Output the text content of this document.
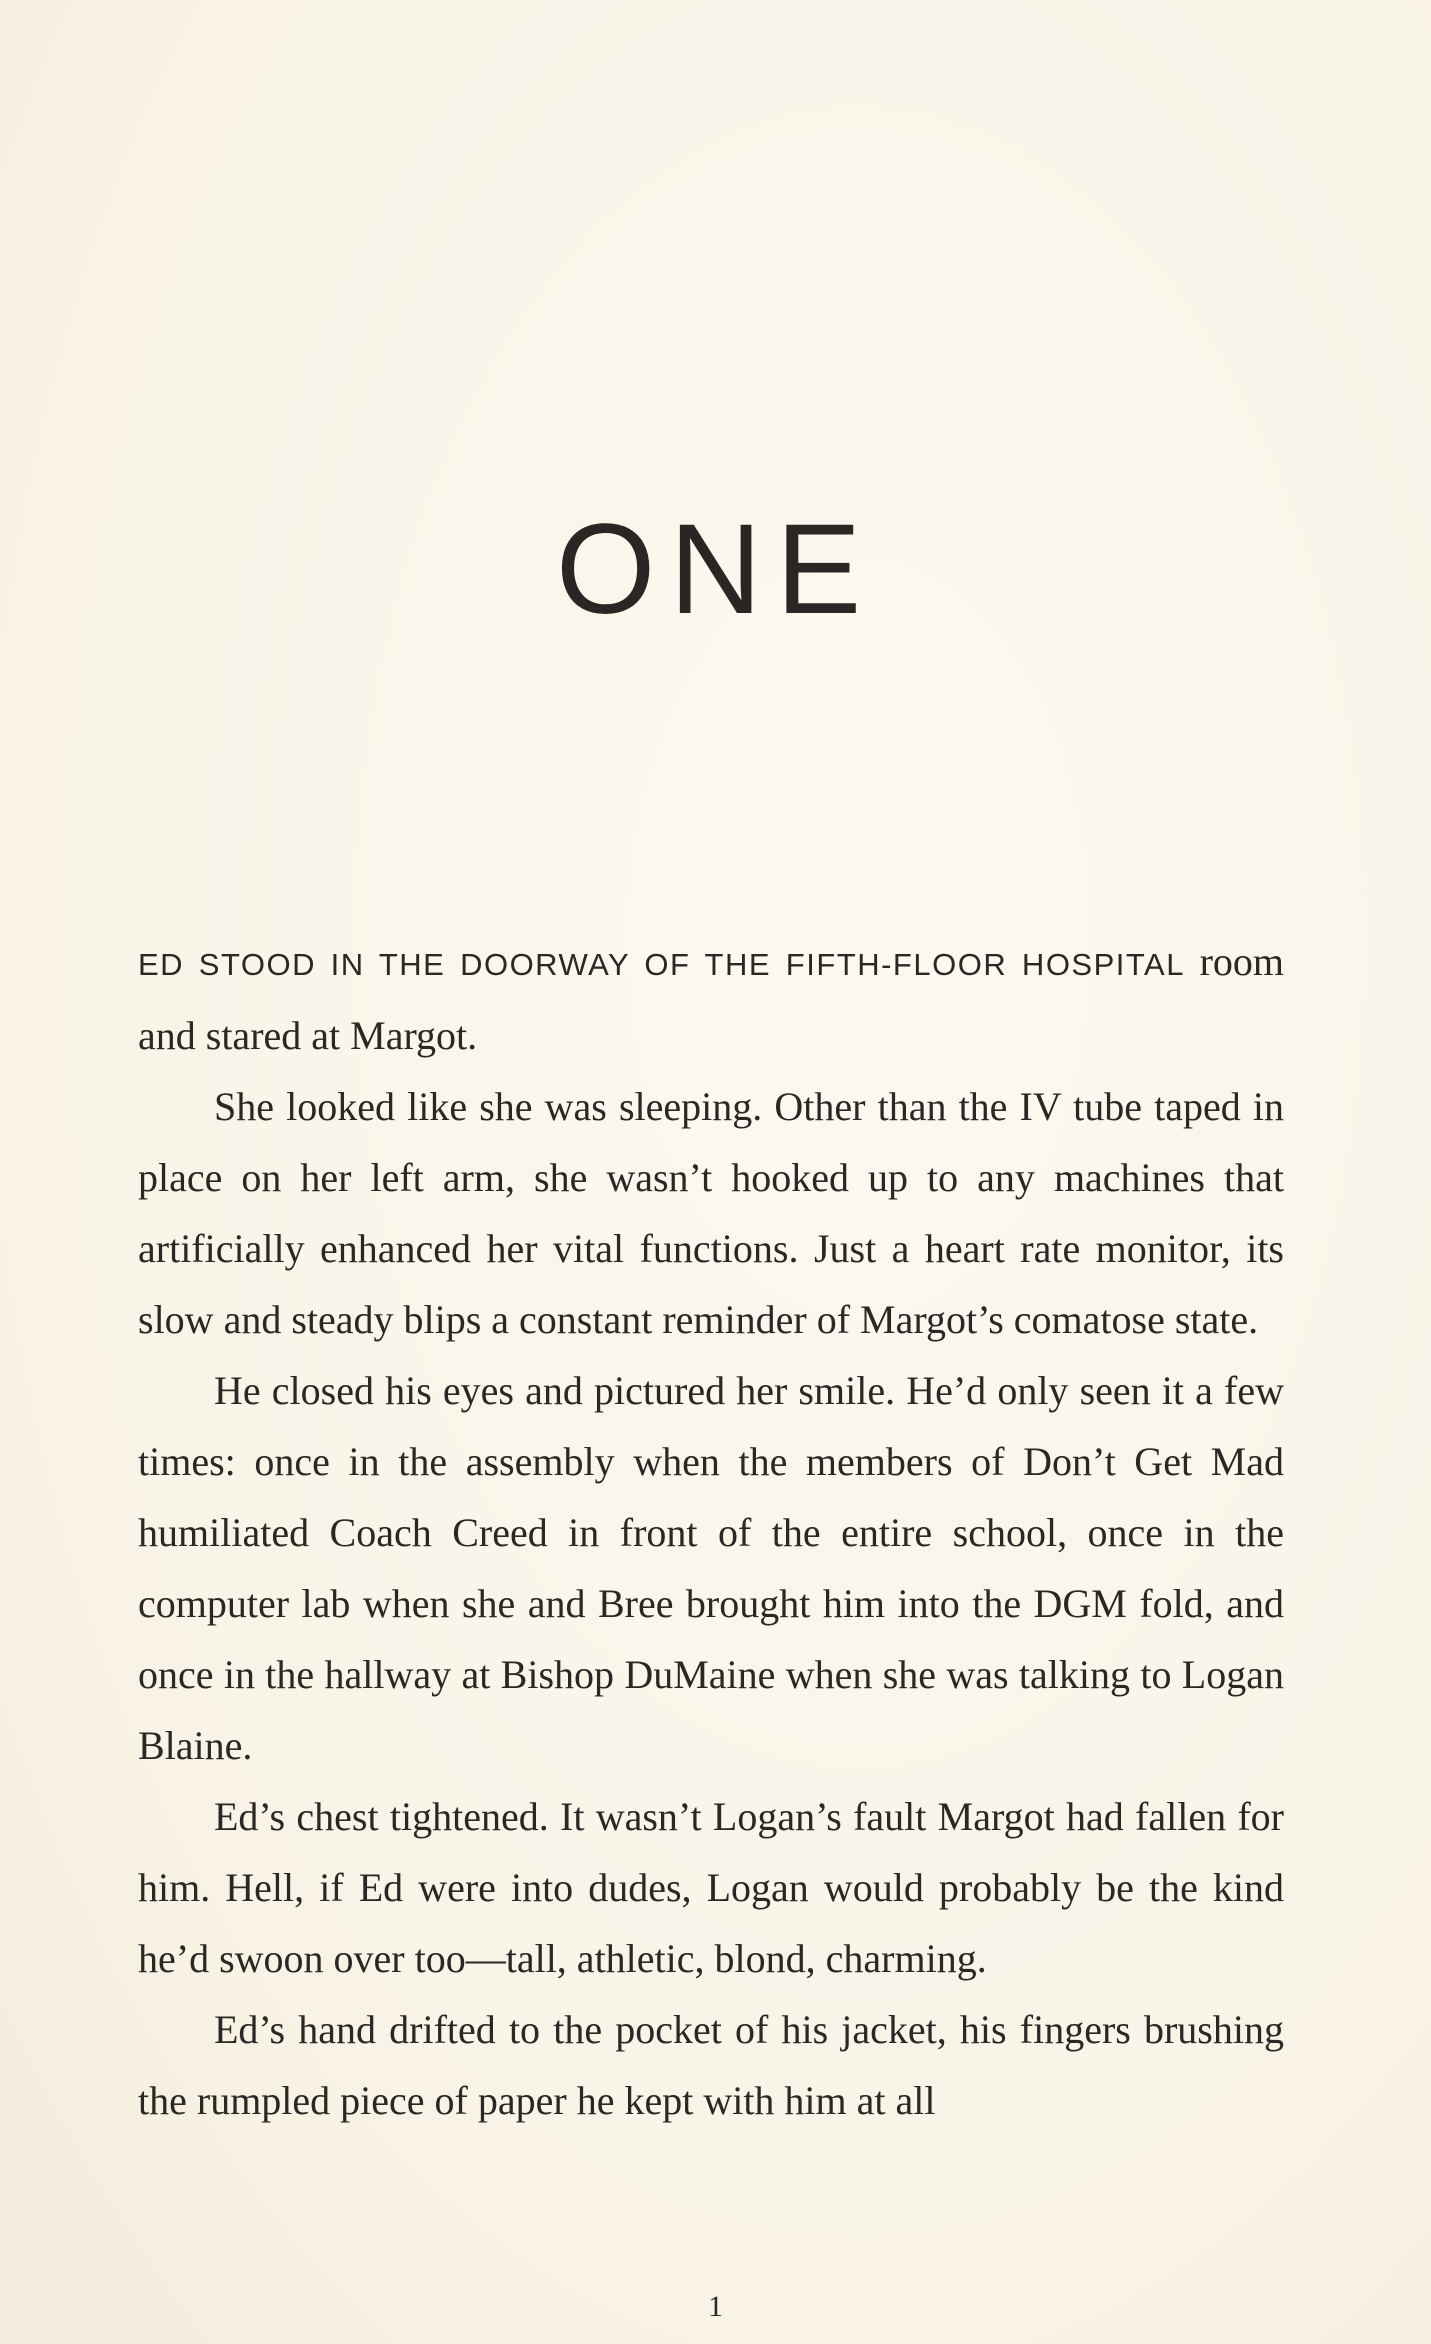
ONE

ED STOOD IN THE DOORWAY OF THE FIFTH-FLOOR HOSPITAL room and stared at Margot.

She looked like she was sleeping. Other than the IV tube taped in place on her left arm, she wasn’t hooked up to any machines that artificially enhanced her vital functions. Just a heart rate monitor, its slow and steady blips a constant reminder of Margot’s comatose state.

He closed his eyes and pictured her smile. He’d only seen it a few times: once in the assembly when the members of Don’t Get Mad humiliated Coach Creed in front of the entire school, once in the computer lab when she and Bree brought him into the DGM fold, and once in the hallway at Bishop DuMaine when she was talking to Logan Blaine.

Ed’s chest tightened. It wasn’t Logan’s fault Margot had fallen for him. Hell, if Ed were into dudes, Logan would probably be the kind he’d swoon over too—tall, athletic, blond, charming.

Ed’s hand drifted to the pocket of his jacket, his fingers brushing the rumpled piece of paper he kept with him at all

1
